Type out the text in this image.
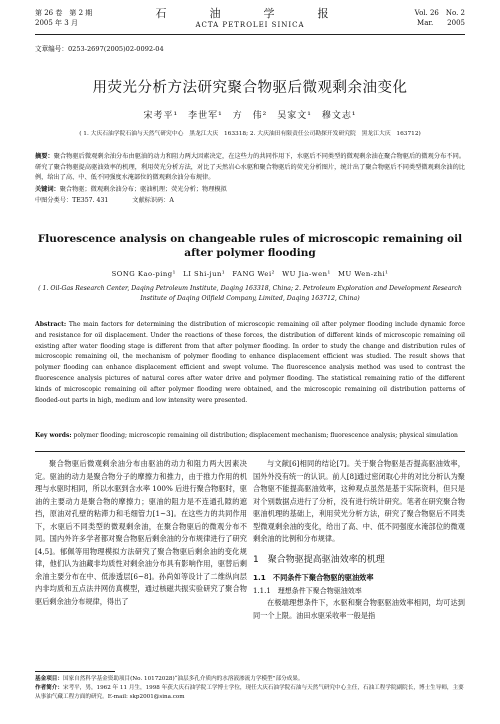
第 26 卷　第 2 期
2005 年 3 月
石　油　学　报
ACTA PETROLEI SINICA
Vol. 26　No. 2
Mar.　　2005
文章编号：0253-2697(2005)02-0092-04
用荧光分析方法研究聚合物驱后微观剩余油变化
宋考平¹　李世军¹　方　伟²　吴家文¹　穆文志¹
( 1. 大庆石油学院石油与天然气研究中心　黑龙江大庆　163318; 2. 大庆油田有限责任公司勘探开发研究院　黑龙江大庆　163712)
摘要：聚合物驱后微观剩余油分布由驱油的动力和阻力两大因素决定，在这些力的共同作用下，水驱后不同类型的微观剩余油在聚合物驱后的微观分布不同。研究了聚合物驱提高驱油效率的机理，利用荧光分析方法，对比了天然岩心水驱和聚合物驱后的荧光分析图片，统计出了聚合物驱后不同类型微观剩余油的比例，给出了高、中、低不同强度水淹部位的微观剩余油分布规律。
关键词：聚合物驱；微观剩余油分布；驱油机理；荧光分析；物理模拟
中图分类号：TE357. 431	文献标识码：A
Fluorescence analysis on changeable rules of microscopic remaining oil after polymer flooding
SONG Kao-ping¹　LI Shi-jun¹　FANG Wei²　WU Jia-wen¹　MU Wen-zhi¹
( 1. Oil-Gas Research Center, Daqing Petroleum Institute, Daqing 163318, China; 2. Petroleum Exploration and Development Research Institute of Daqing Oilfield Company, Limited, Daqing 163712, China)
Abstract: The main factors for determining the distribution of microscopic remaining oil after polymer flooding include dynamic force and resistance for oil displacement. Under the reactions of these forces, the distribution of different kinds of microscopic remaining oil existing after water flooding stage is different from that after polymer flooding. In order to study the change and distribution rules of microscopic remaining oil, the mechanism of polymer flooding to enhance displacement efficient was studied. The result shows that polymer flooding can enhance displacement efficient and swept volume. The fluorescence analysis method was used to contrast the fluorescence analysis pictures of natural cores after water drive and polymer flooding. The statistical remaining ratio of the different kinds of microscopic remaining oil after polymer flooding were obtained, and the microscopic remaining oil distribution patterns of flooded-out parts in high, medium and low intensity were presented.
Key words: polymer flooding; microscopic remaining oil distribution; displacement mechanism; fluorescence analysis; physical simulation

聚合物驱后微观剩余油分布由驱油的动力和阻力两大因素决定。驱油的动力是聚合物分子的摩擦力和推力，由于推力作用的机理与水驱时相同，所以水驱到含水率 100% 后进行聚合物驱时，驱油的主要动力是聚合物的摩擦力；驱油的阻力是不连通孔隙的遮挡，原油对孔壁的粘滞力和毛细管力[1~3]。在这些力的共同作用下，水驱后不同类型的微观剩余油，在聚合物驱后的微观分布不同。国内外许多学者都对聚合物驱后剩余油的分布规律进行了研究[4,5]。郁佩等用物理模拟方法研究了聚合物驱后剩余油的变化规律，他们认为油藏非均质性对剩余油分布具有影响作用，驱替后剩余油主要分布在中、低渗透层[6~8]。孙尚如等设计了二维纵向层内非均质和五点法井网仿真模型，通过核磁共振实验研究了聚合物驱后剩余油分布规律，得出了

与文献[6]相同的结论[7]。关于聚合物驱是否提高驱油效率，国外外没有统一的认识。前人[8]通过密闭取心井的对比分析认为聚合物驱不能提高驱油效率，这种观点虽然是基于实际资料，但只是对个别数据点进行了分析，没有进行统计研究。笔者在研究聚合物驱油机理的基础上，利用荧光分析方法，研究了聚合物驱后不同类型微观剩余油的变化，给出了高、中、低不同强度水淹部位的微观剩余油的比例和分布规律。

1　聚合物驱提高驱油效率的机理
1.1　不同条件下聚合物驱的驱油效率
1.1.1　理想条件下聚合物驱油效率

在极端理想条件下，水驱和聚合物驱驱油效率相同，均可达到同一个上限。油田水驱采收率一般是指

基金项目：国家自然科学基金资助项目(No. 10172028)“油层多孔介质内的水溶液渗流力学模型”部分成果。
作者简介：宋考平，男，1962 年 11 月生，1998 年获大庆石油学院工学博士学位，现任大庆石油学院石油与天然气研究中心主任，石油工程学院副院长，博士生导师，主要从事油气藏工程方面的研究。E-mail: skp2001@sina.com
